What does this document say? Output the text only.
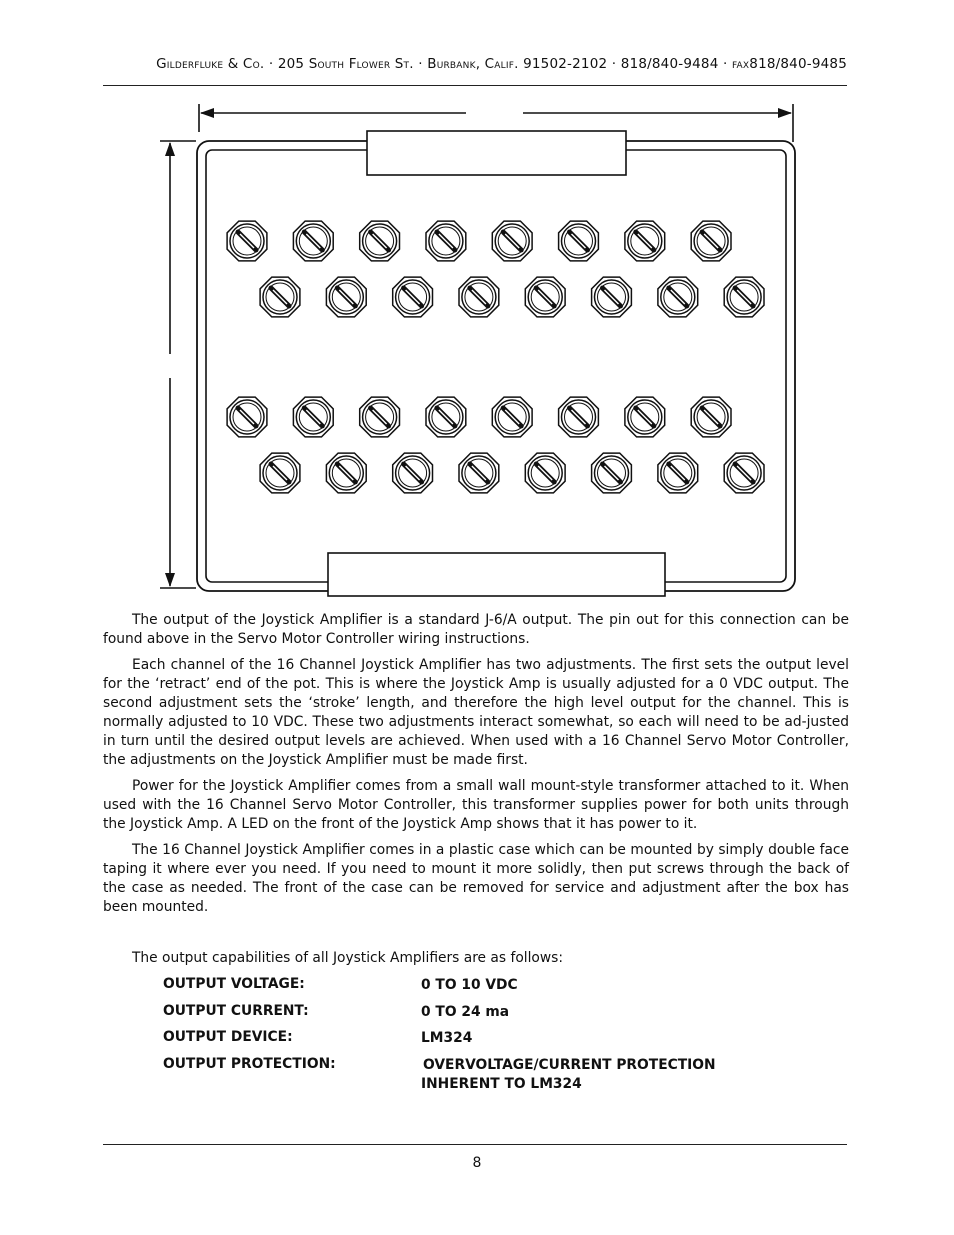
Gilderfluke & Co. · 205 South Flower St. · Burbank, Calif. 91502-2102 · 818/840-9484 · fax818/840-9485

The output of the Joystick Amplifier is a standard J-6/A output. The pin out for this connection can be found above in the Servo Motor Controller wiring instructions.

Each channel of the 16 Channel Joystick Amplifier has two adjustments. The first sets the output level for the ‘retract’ end of the pot. This is where the Joystick Amp is usually adjusted for a 0 VDC output. The second adjustment sets the ‘stroke’ length, and therefore the high level output for the channel. This is normally adjusted to 10 VDC. These two adjustments interact somewhat, so each will need to be ad-justed in turn until the desired output levels are achieved. When used with a 16 Channel Servo Motor Controller, the adjustments on the Joystick Amplifier must be made first.

Power for the Joystick Amplifier comes from a small wall mount-style transformer attached to it. When used with the 16 Channel Servo Motor Controller, this transformer supplies power for both units through the Joystick Amp. A LED on the front of the Joystick Amp shows that it has power to it.

The 16 Channel Joystick Amplifier comes in a plastic case which can be mounted by simply double face taping it where ever you need. If you need to mount it more solidly, then put screws through the back of the case as needed. The front of the case can be removed for service and adjustment after the box has been mounted.

The output capabilities of all Joystick Amplifiers are as follows:
OUTPUT VOLTAGE:	0 TO 10 VDC
OUTPUT CURRENT:	0 TO 24 ma
OUTPUT DEVICE:	LM324
OUTPUT PROTECTION:	OVERVOLTAGE/CURRENT PROTECTION
INHERENT TO LM324
8
